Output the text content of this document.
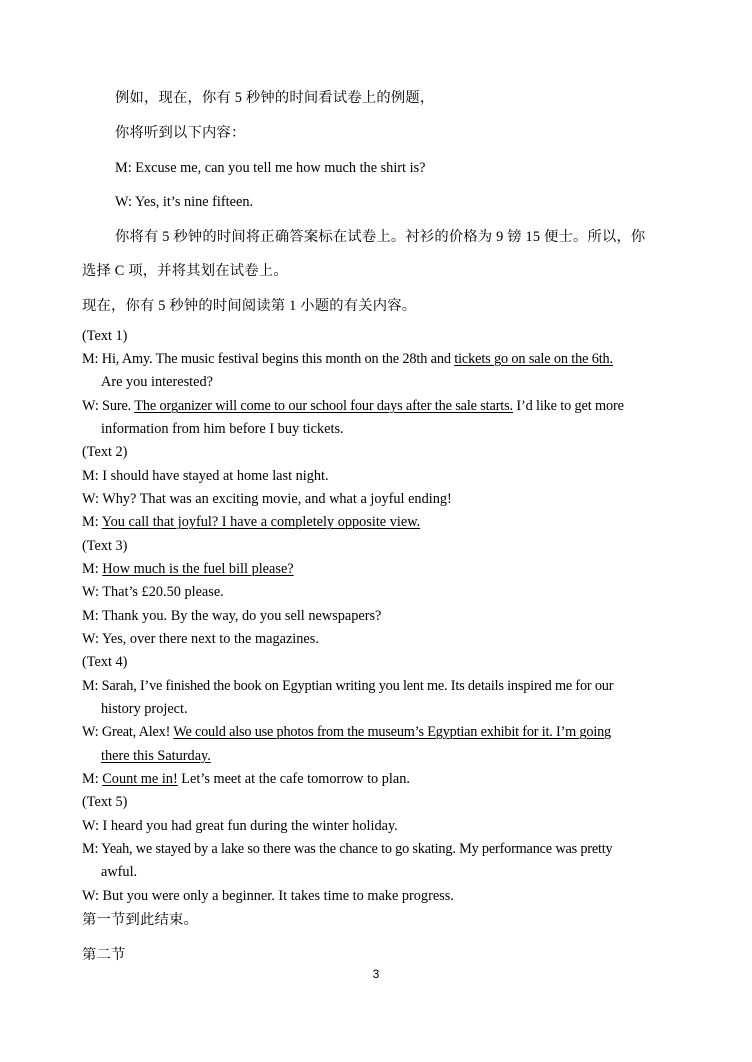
例如，现在，你有 5 秒钟的时间看试卷上的例题，
你将听到以下内容：
M: Excuse me, can you tell me how much the shirt is?
W: Yes, it’s nine fifteen.
你将有 5 秒钟的时间将正确答案标在试卷上。衬衫的价格为 9 镑 15 便士。所以，你
选择 C 项，并将其划在试卷上。
现在，你有 5 秒钟的时间阅读第 1 小题的有关内容。
(Text 1)
M: Hi, Amy. The music festival begins this month on the 28th and tickets go on sale on the 6th.
Are you interested?
W: Sure. The organizer will come to our school four days after the sale starts. I’d like to get more
information from him before I buy tickets.
(Text 2)
M: I should have stayed at home last night.
W: Why? That was an exciting movie, and what a joyful ending!
M: You call that joyful? I have a completely opposite view.
(Text 3)
M: How much is the fuel bill please?
W: That’s £20.50 please.
M: Thank you. By the way, do you sell newspapers?
W: Yes, over there next to the magazines.
(Text 4)
M: Sarah, I’ve finished the book on Egyptian writing you lent me. Its details inspired me for our
history project.
W: Great, Alex! We could also use photos from the museum’s Egyptian exhibit for it. I’m going
there this Saturday.
M: Count me in! Let’s meet at the cafe tomorrow to plan.
(Text 5)
W: I heard you had great fun during the winter holiday.
M: Yeah, we stayed by a lake so there was the chance to go skating. My performance was pretty
awful.
W: But you were only a beginner. It takes time to make progress.
第一节到此结束。
第二节
3
